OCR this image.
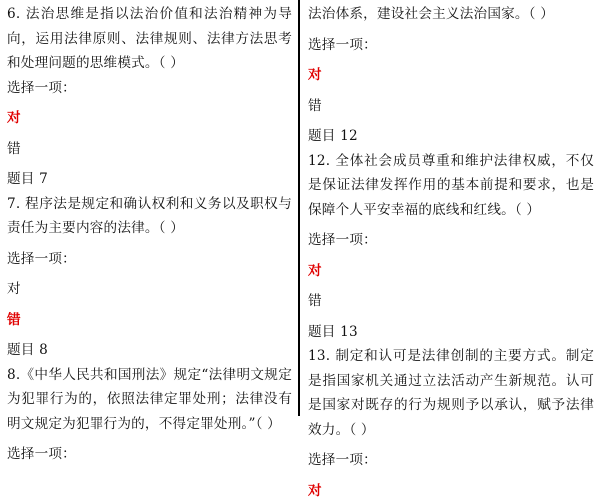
6. 法治思维是指以法治价值和法治精神为导向，运用法律原则、法律规则、法律方法思考和处理问题的思维模式。（ ）

选择一项：

对

错

题目 7

7. 程序法是规定和确认权利和义务以及职权与责任为主要内容的法律。（ ）

选择一项：

对

错

题目 8

8.《中华人民共和国刑法》规定“法律明文规定为犯罪行为的，依照法律定罪处刑；法律没有明文规定为犯罪行为的，不得定罪处刑。”（ ）

选择一项：

法治体系，建设社会主义法治国家。（ ）

选择一项：

对

错

题目 12

12. 全体社会成员尊重和维护法律权威，不仅是保证法律发挥作用的基本前提和要求，也是保障个人平安幸福的底线和红线。（ ）

选择一项：

对

错

题目 13

13. 制定和认可是法律创制的主要方式。制定是指国家机关通过立法活动产生新规范。认可是国家对既存的行为规则予以承认，赋予法律效力。（ ）

选择一项：

对
